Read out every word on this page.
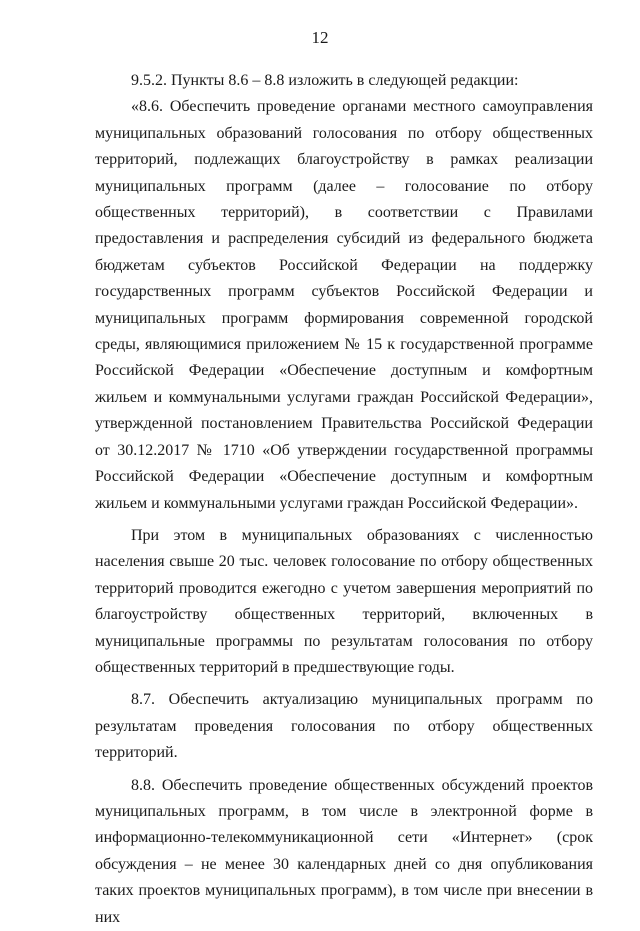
12

9.5.2. Пункты 8.6 – 8.8 изложить в следующей редакции:

«8.6. Обеспечить проведение органами местного самоуправления муниципальных образований голосования по отбору общественных территорий, подлежащих благоустройству в рамках реализации муниципальных программ (далее – голосование по отбору общественных территорий), в соответствии с Правилами предоставления и распределения субсидий из федерального бюджета бюджетам субъектов Российской Федерации на поддержку государственных программ субъектов Российской Федерации и муниципальных программ формирования современной городской среды, являющимися приложением № 15 к государственной программе Российской Федерации «Обеспечение доступным и комфортным жильем и коммунальными услугами граждан Российской Федерации», утвержденной постановлением Правительства Российской Федерации от 30.12.2017 № 1710 «Об утверждении государственной программы Российской Федерации «Обеспечение доступным и комфортным жильем и коммунальными услугами граждан Российской Федерации».

При этом в муниципальных образованиях с численностью населения свыше 20 тыс. человек голосование по отбору общественных территорий проводится ежегодно с учетом завершения мероприятий по благоустройству общественных территорий, включенных в муниципальные программы по результатам голосования по отбору общественных территорий в предшествующие годы.

8.7. Обеспечить актуализацию муниципальных программ по результатам проведения голосования по отбору общественных территорий.

8.8. Обеспечить проведение общественных обсуждений проектов муниципальных программ, в том числе в электронной форме в информационно-телекоммуникационной сети «Интернет» (срок обсуждения – не менее 30 календарных дней со дня опубликования таких проектов муниципальных программ), в том числе при внесении в них
